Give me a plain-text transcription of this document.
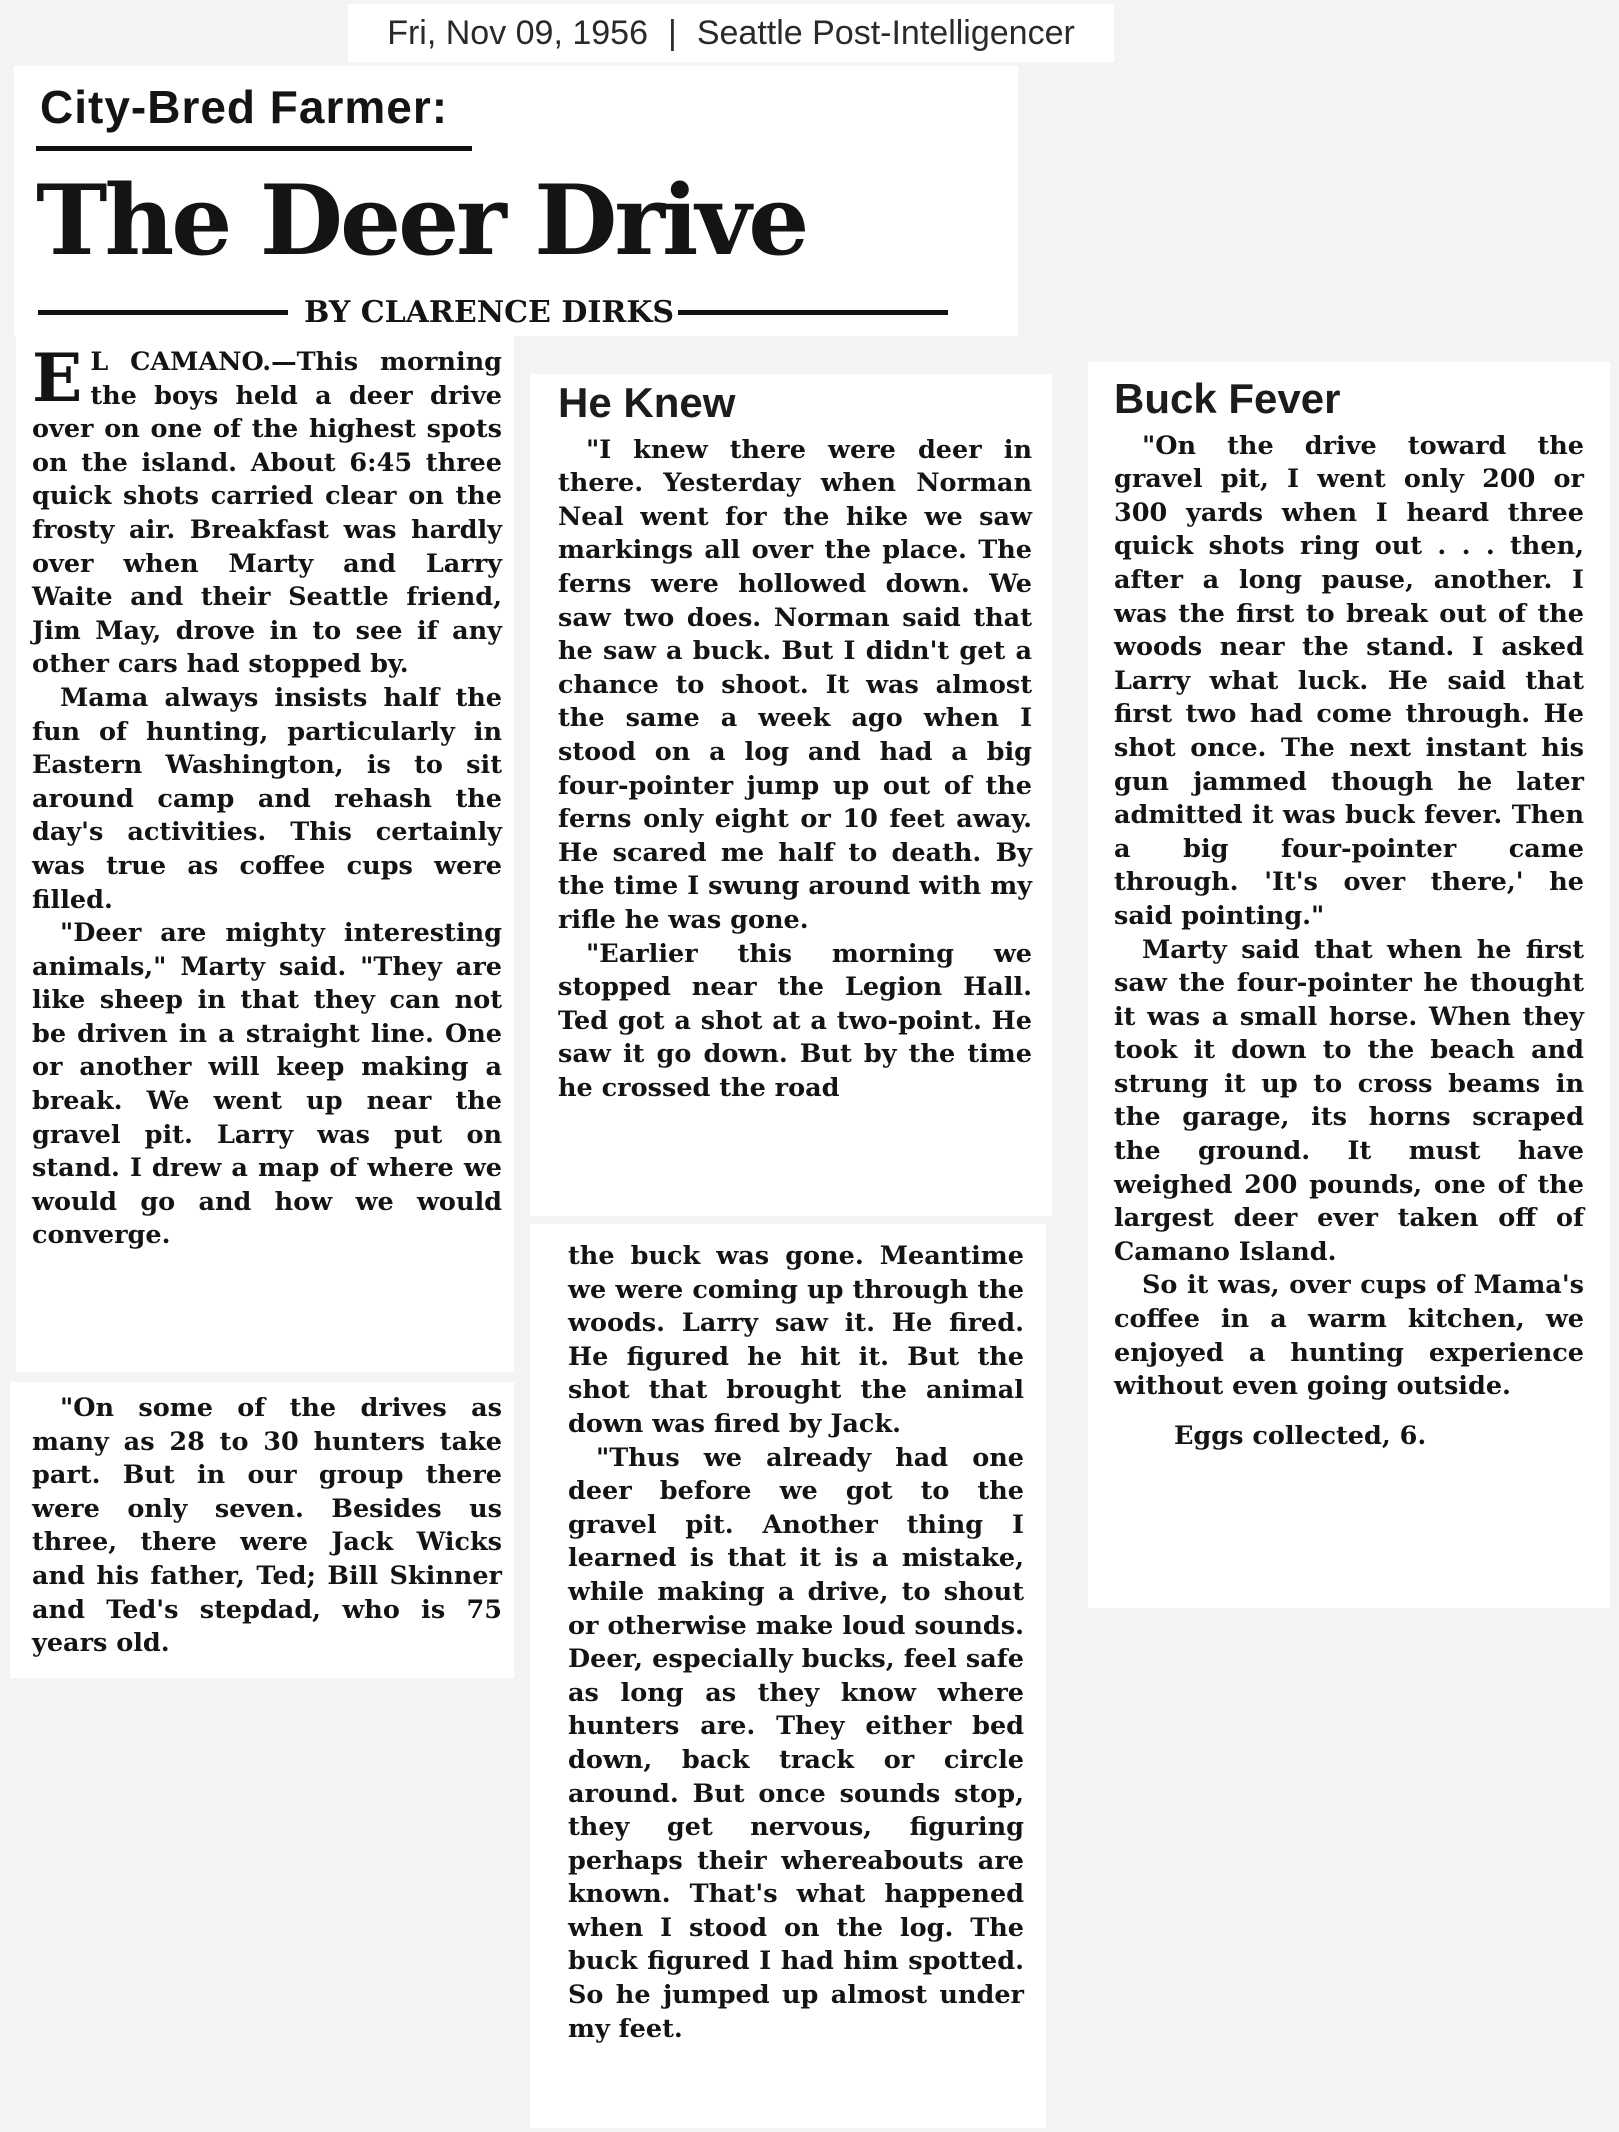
Fri, Nov 09, 1956 | Seattle Post-Intelligencer
City-Bred Farmer:
The Deer Drive
BY CLARENCE DIRKS

E L CAMANO.—This morning the boys held a deer drive over on one of the highest spots on the island. About 6:45 three quick shots carried clear on the frosty air. Breakfast was hardly over when Marty and Larry Waite and their Seattle friend, Jim May, drove in to see if any other cars had stopped by.

Mama always insists half the fun of hunting, particularly in Eastern Washington, is to sit around camp and rehash the day's activities. This certainly was true as coffee cups were filled.

"Deer are mighty interesting animals," Marty said. "They are like sheep in that they can not be driven in a straight line. One or another will keep making a break. We went up near the gravel pit. Larry was put on stand. I drew a map of where we would go and how we would converge.

"On some of the drives as many as 28 to 30 hunters take part. But in our group there were only seven. Besides us three, there were Jack Wicks and his father, Ted; Bill Skinner and Ted's stepdad, who is 75 years old.

He Knew

"I knew there were deer in there. Yesterday when Norman Neal went for the hike we saw markings all over the place. The ferns were hollowed down. We saw two does. Norman said that he saw a buck. But I didn't get a chance to shoot. It was almost the same a week ago when I stood on a log and had a big four-pointer jump up out of the ferns only eight or 10 feet away. He scared me half to death. By the time I swung around with my rifle he was gone.

"Earlier this morning we stopped near the Legion Hall. Ted got a shot at a two-point. He saw it go down. But by the time he crossed the road

the buck was gone. Meantime we were coming up through the woods. Larry saw it. He fired. He figured he hit it. But the shot that brought the animal down was fired by Jack.

"Thus we already had one deer before we got to the gravel pit. Another thing I learned is that it is a mistake, while making a drive, to shout or otherwise make loud sounds. Deer, especially bucks, feel safe as long as they know where hunters are. They either bed down, back track or circle around. But once sounds stop, they get nervous, figuring perhaps their whereabouts are known. That's what happened when I stood on the log. The buck figured I had him spotted. So he jumped up almost under my feet.

Buck Fever

"On the drive toward the gravel pit, I went only 200 or 300 yards when I heard three quick shots ring out . . . then, after a long pause, another. I was the first to break out of the woods near the stand. I asked Larry what luck. He said that first two had come through. He shot once. The next instant his gun jammed though he later admitted it was buck fever. Then a big four-pointer came through. 'It's over there,' he said pointing."

Marty said that when he first saw the four-pointer he thought it was a small horse. When they took it down to the beach and strung it up to cross beams in the garage, its horns scraped the ground. It must have weighed 200 pounds, one of the largest deer ever taken off of Camano Island.

So it was, over cups of Mama's coffee in a warm kitchen, we enjoyed a hunting experience without even going outside.

Eggs collected, 6.
